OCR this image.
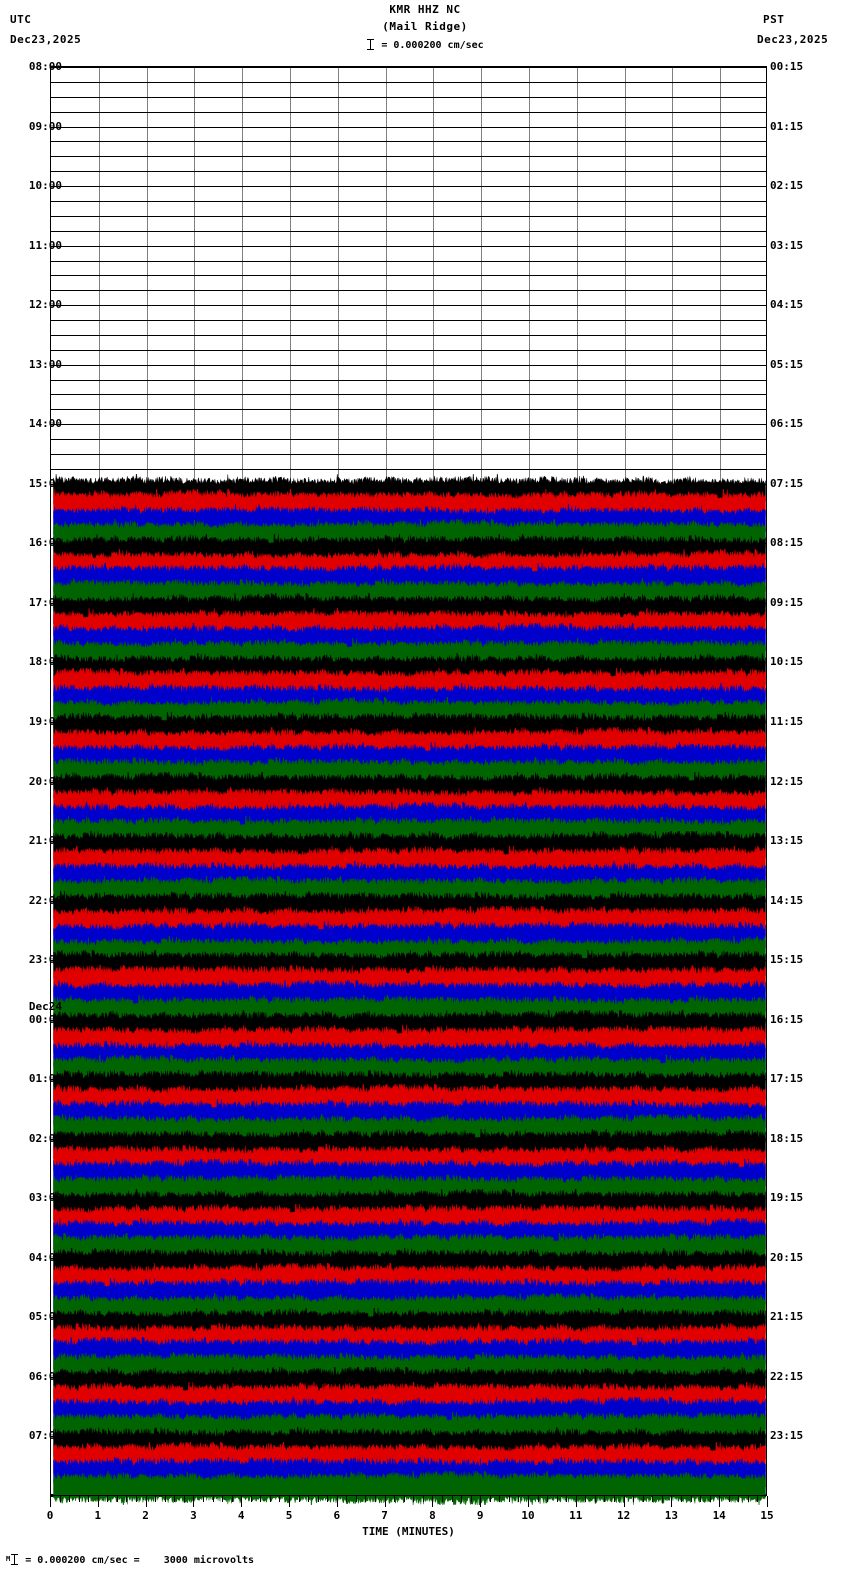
UTC
Dec23,2025
PST
Dec23,2025
KMR HHZ NC
(Mail Ridge)
= 0.000200 cm/sec
08:00
09:00
10:00
11:00
12:00
13:00
14:00
15:00
16:00
17:00
18:00
19:00
20:00
21:00
22:00
23:00
Dec24
00:00
01:00
02:00
03:00
04:00
05:00
06:00
07:00
00:15
01:15
02:15
03:15
04:15
05:15
06:15
07:15
08:15
09:15
10:15
11:15
12:15
13:15
14:15
15:15
16:15
17:15
18:15
19:15
20:15
21:15
22:15
23:15
0	1	2	3	4	5	6	7	8	9	10	11	12	13	14	15
TIME (MINUTES)
$^M$ = 0.000200 cm/sec =    3000 microvolts
